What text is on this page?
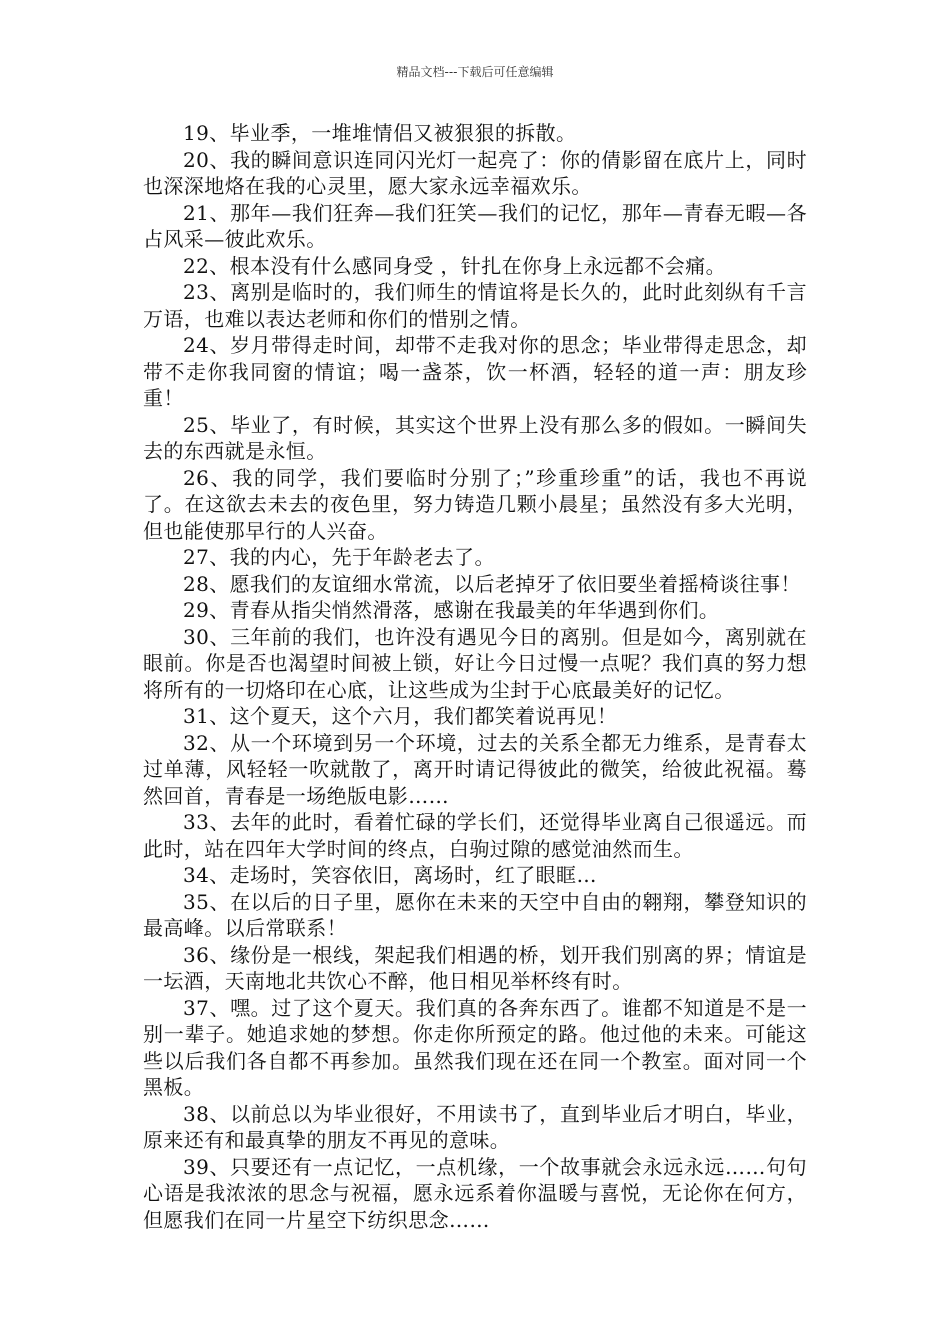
精品文档---下载后可任意编辑

19、毕业季，一堆堆情侣又被狠狠的拆散。

20、我的瞬间意识连同闪光灯一起亮了：你的倩影留在底片上，同时也深深地烙在我的心灵里，愿大家永远幸福欢乐。

21、那年—我们狂奔—我们狂笑—我们的记忆，那年—青春无暇—各占风采—彼此欢乐。

22、根本没有什么感同身受 ，针扎在你身上永远都不会痛。

23、离别是临时的，我们师生的情谊将是长久的，此时此刻纵有千言万语，也难以表达老师和你们的惜别之情。

24、岁月带得走时间，却带不走我对你的思念；毕业带得走思念，却带不走你我同窗的情谊；喝一盏茶，饮一杯酒，轻轻的道一声：朋友珍重！

25、毕业了，有时候，其实这个世界上没有那么多的假如。一瞬间失去的东西就是永恒。

26、我的同学，我们要临时分别了；”珍重珍重”的话，我也不再说了。在这欲去未去的夜色里，努力铸造几颗小晨星；虽然没有多大光明，但也能使那早行的人兴奋。

27、我的内心，先于年龄老去了。

28、愿我们的友谊细水常流，以后老掉牙了依旧要坐着摇椅谈往事！

29、青春从指尖悄然滑落，感谢在我最美的年华遇到你们。

30、三年前的我们，也许没有遇见今日的离别。但是如今，离别就在眼前。你是否也渴望时间被上锁，好让今日过慢一点呢？我们真的努力想将所有的一切烙印在心底，让这些成为尘封于心底最美好的记忆。

31、这个夏天，这个六月，我们都笑着说再见！

32、从一个环境到另一个环境，过去的关系全都无力维系，是青春太过单薄，风轻轻一吹就散了，离开时请记得彼此的微笑，给彼此祝福。蓦然回首，青春是一场绝版电影……

33、去年的此时，看着忙碌的学长们，还觉得毕业离自己很遥远。而此时，站在四年大学时间的终点，白驹过隙的感觉油然而生。

34、走场时，笑容依旧，离场时，红了眼眶…

35、在以后的日子里，愿你在未来的天空中自由的翱翔，攀登知识的最高峰。以后常联系！

36、缘份是一根线，架起我们相遇的桥，划开我们别离的界；情谊是一坛酒，天南地北共饮心不醉，他日相见举杯终有时。

37、嘿。过了这个夏天。我们真的各奔东西了。谁都不知道是不是一别一辈子。她追求她的梦想。你走你所预定的路。他过他的未来。可能这些以后我们各自都不再参加。虽然我们现在还在同一个教室。面对同一个黑板。

38、以前总以为毕业很好，不用读书了，直到毕业后才明白，毕业，原来还有和最真挚的朋友不再见的意味。

39、只要还有一点记忆，一点机缘，一个故事就会永远永远……句句心语是我浓浓的思念与祝福，愿永远系着你温暖与喜悦，无论你在何方，但愿我们在同一片星空下纺织思念……
